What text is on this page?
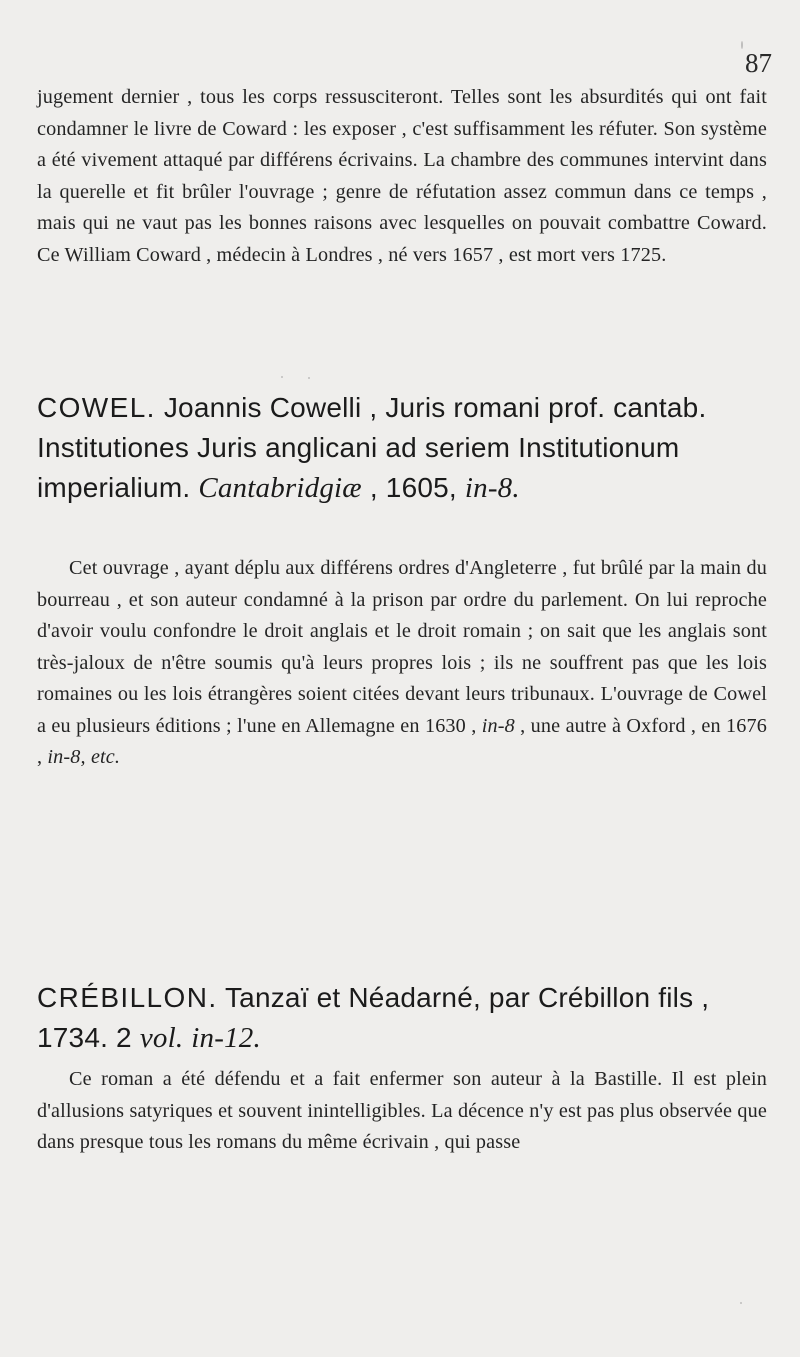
87
jugement dernier , tous les corps ressusciteront. Telles sont les absurdités qui ont fait condamner le livre de Coward : les exposer , c'est suffisamment les réfuter. Son système a été vivement attaqué par différens écrivains. La chambre des communes intervint dans la querelle et fit brûler l'ouvrage ; genre de réfutation assez commun dans ce temps , mais qui ne vaut pas les bonnes raisons avec lesquelles on pouvait combattre Coward. Ce William Coward , médecin à Londres , né vers 1657 , est mort vers 1725.
COWEL. Joannis Cowelli , Juris romani prof. cantab. Institutiones Juris anglicani ad seriem Institutionum imperialium. Cantabridgiæ , 1605, in-8.
Cet ouvrage , ayant déplu aux différens ordres d'Angleterre , fut brûlé par la main du bourreau , et son auteur condamné à la prison par ordre du parlement. On lui reproche d'avoir voulu confondre le droit anglais et le droit romain ; on sait que les anglais sont très-jaloux de n'être soumis qu'à leurs propres lois ; ils ne souffrent pas que les lois romaines ou les lois étrangères soient citées devant leurs tribunaux. L'ouvrage de Cowel a eu plusieurs éditions ; l'une en Allemagne en 1630 , in-8 , une autre à Oxford , en 1676 , in-8, etc.
CRÉBILLON. Tanzaï et Néadarné, par Crébillon fils , 1734. 2 vol. in-12.
Ce roman a été défendu et a fait enfermer son auteur à la Bastille. Il est plein d'allusions satyriques et souvent inintelligibles. La décence n'y est pas plus observée que dans presque tous les romans du même écrivain , qui passe
